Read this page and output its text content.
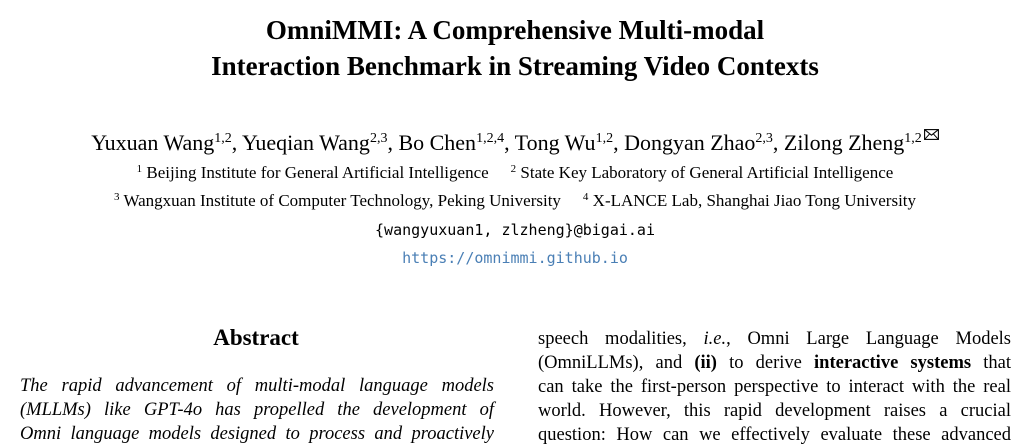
OmniMMI: A Comprehensive Multi-modal
Interaction Benchmark in Streaming Video Contexts
Yuxuan Wang$^{1,2}$, Yueqian Wang$^{2,3}$, Bo Chen$^{1,2,4}$, Tong Wu$^{1,2}$, Dongyan Zhao$^{2,3}$, Zilong Zheng$^{1,2}$
$^1$ Beijing Institute for General Artificial Intelligence $^2$ State Key Laboratory of General Artificial Intelligence
$^3$ Wangxuan Institute of Computer Technology, Peking University $^4$ X-LANCE Lab, Shanghai Jiao Tong University
{wangyuxuan1, zlzheng}@bigai.ai
https://omnimmi.github.io
Abstract
The rapid advancement of multi-modal language models
(MLLMs) like GPT-4o has propelled the development of
Omni language models designed to process and proactively
speech modalities, i.e., Omni Large Language Models
(OmniLLMs), and (ii) to derive interactive systems that
can take the first-person perspective to interact with the real
world. However, this rapid development raises a crucial
question: How can we effectively evaluate these advanced
